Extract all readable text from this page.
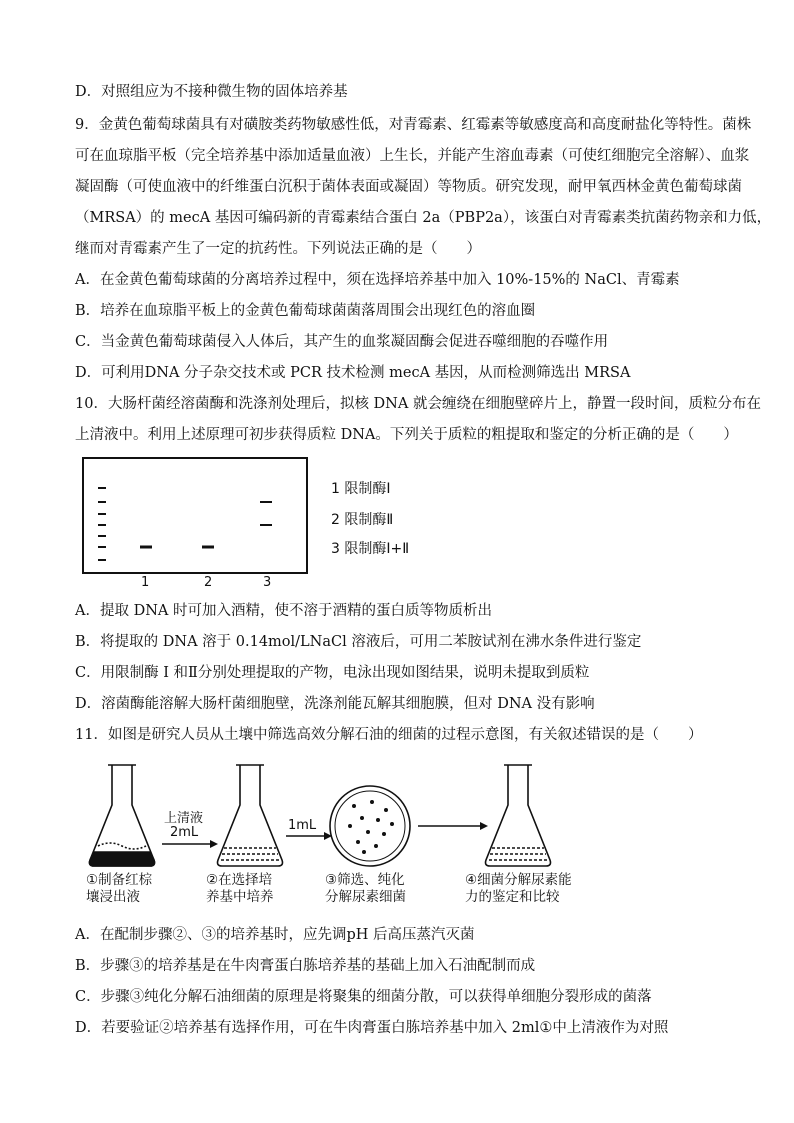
D．对照组应为不接种微生物的固体培养基
9．金黄色葡萄球菌具有对磺胺类药物敏感性低，对青霉素、红霉素等敏感度高和高度耐盐化等特性。菌株
可在血琼脂平板（完全培养基中添加适量血液）上生长，并能产生溶血毒素（可使红细胞完全溶解）、血浆
凝固酶（可使血液中的纤维蛋白沉积于菌体表面或凝固）等物质。研究发现，耐甲氧西林金黄色葡萄球菌
（MRSA）的 mecA 基因可编码新的青霉素结合蛋白 2a（PBP2a），该蛋白对青霉素类抗菌药物亲和力低，
继而对青霉素产生了一定的抗药性。下列说法正确的是（　　）
A．在金黄色葡萄球菌的分离培养过程中，须在选择培养基中加入 10%-15%的 NaCl、青霉素
B．培养在血琼脂平板上的金黄色葡萄球菌菌落周围会出现红色的溶血圈
C．当金黄色葡萄球菌侵入人体后，其产生的血浆凝固酶会促进吞噬细胞的吞噬作用
D．可利用DNA 分子杂交技术或 PCR 技术检测 mecA 基因，从而检测筛选出 MRSA
10．大肠杆菌经溶菌酶和洗涤剂处理后，拟核 DNA 就会缠绕在细胞壁碎片上，静置一段时间，质粒分布在
上清液中。利用上述原理可初步获得质粒 DNA。下列关于质粒的粗提取和鉴定的分析正确的是（　　）
1	2	3
1 限制酶Ⅰ
2 限制酶Ⅱ
3 限制酶Ⅰ+Ⅱ
A．提取 DNA 时可加入酒精，使不溶于酒精的蛋白质等物质析出
B．将提取的 DNA 溶于 0.14mol/LNaCl 溶液后，可用二苯胺试剂在沸水条件进行鉴定
C．用限制酶 I 和Ⅱ分别处理提取的产物，电泳出现如图结果，说明未提取到质粒
D．溶菌酶能溶解大肠杆菌细胞壁，洗涤剂能瓦解其细胞膜，但对 DNA 没有影响
11．如图是研究人员从土壤中筛选高效分解石油的细菌的过程示意图，有关叙述错误的是（　　）
上清液
2mL	1mL
①制备红棕
壤浸出液
②在选择培
养基中培养
③筛选、纯化
分解尿素细菌
④细菌分解尿素能
力的鉴定和比较
A．在配制步骤②、③的培养基时，应先调pH 后高压蒸汽灭菌
B．步骤③的培养基是在牛肉膏蛋白胨培养基的基础上加入石油配制而成
C．步骤③纯化分解石油细菌的原理是将聚集的细菌分散，可以获得单细胞分裂形成的菌落
D．若要验证②培养基有选择作用，可在牛肉膏蛋白胨培养基中加入 2ml①中上清液作为对照
